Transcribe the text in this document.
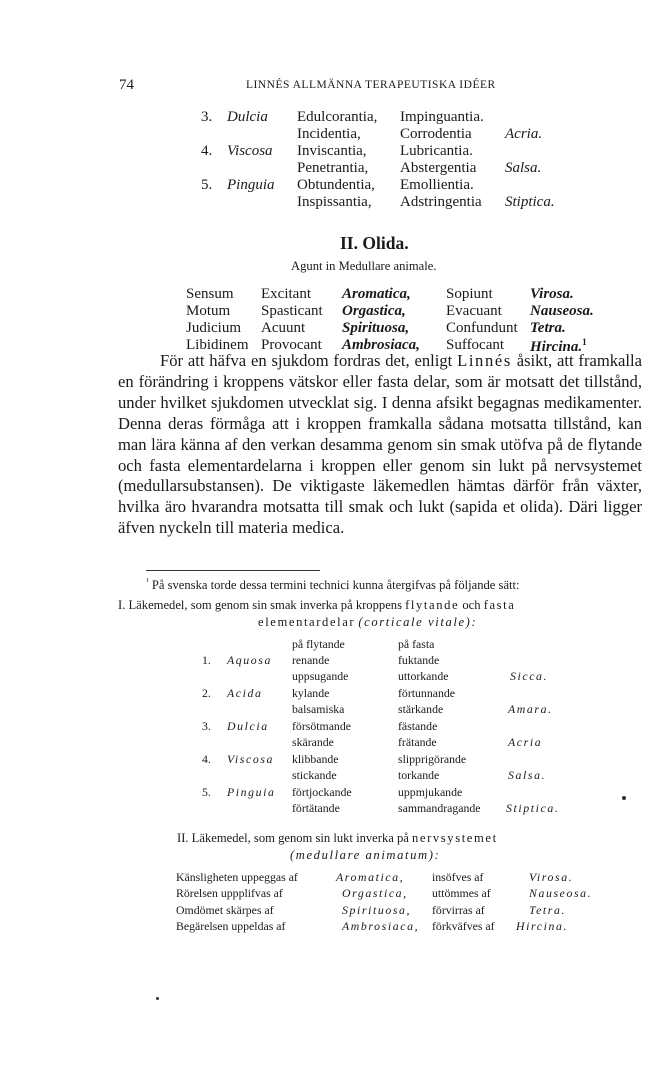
74	LINNÉS ALLMÄNNA TERAPEUTISKA IDÉER
3. Dulcia Edulcorantia, Impinguantia.
Incidentia,	Corrodentia Acria.
4. Viscosa Inviscantia, Lubricantia.
Penetrantia, Abstergentia Salsa.
5. Pinguia Obtundentia, Emollientia.
Inspissantia, Adstringentia Stiptica.
II. Olida.
Agunt in Medullare animale.
Sensum Excitant Aromatica, Sopiunt Virosa.
Motum Spasticant Orgastica,	Evacuant Nauseosa.
Judicium Acuunt Spirituosa, Confundunt Tetra.
Libidinem Provocant Ambrosiaca, Suffocant Hircina.$^1$

För att häfva en sjukdom fordras det, enligt Linnés åsikt, att framkalla en förändring i kroppens vätskor eller fasta delar, som är motsatt det tillstånd, under hvilket sjukdomen utvecklat sig. I denna afsikt begagnas medikamenter. Denna deras förmåga att i kroppen framkalla sådana motsatta tillstånd, kan man lära känna af den verkan desamma genom sin smak utöfva på de flytande och fasta elementardelarna i kroppen eller genom sin lukt på nervsystemet (medullarsubstansen). De viktigaste läkemedlen hämtas därför från växter, hvilka äro hvarandra motsatta till smak och lukt (sapida et olida). Däri ligger äfven nyckeln till materia medica.

$^{^1}$ På svenska torde dessa termini technici kunna återgifvas på följande sätt:
I. Läkemedel, som genom sin smak inverka på kroppens flytande och fasta
elementardelar (corticale vitale):
på flytande	på fasta
1. Aquosa renande	fuktande
uppsugande	uttorkande	Sicca.
2. Acida kylande	förtunnande
balsamiska	stärkande	Amara.
3. Dulcia försötmande	fästande
skärande	frätande	Acria
4. Viscosa klibbande	slipprigörande
stickande	torkande	Salsa.
5. Pinguia förtjockande	uppmjukande
förtätande	sammandragande Stiptica.
II. Läkemedel, som genom sin lukt inverka på nervsystemet
(medullare animatum):
Känsligheten uppeggas af	Aromatica, insöfves af	Virosa.
Rörelsen uppplifvas af	Orgastica, uttömmes af	Nauseosa.
Omdömet skärpes af	Spirituosa, förvirras af	Tetra.
Begärelsen uppeldas af	Ambrosiaca, förkväfves af Hircina.
